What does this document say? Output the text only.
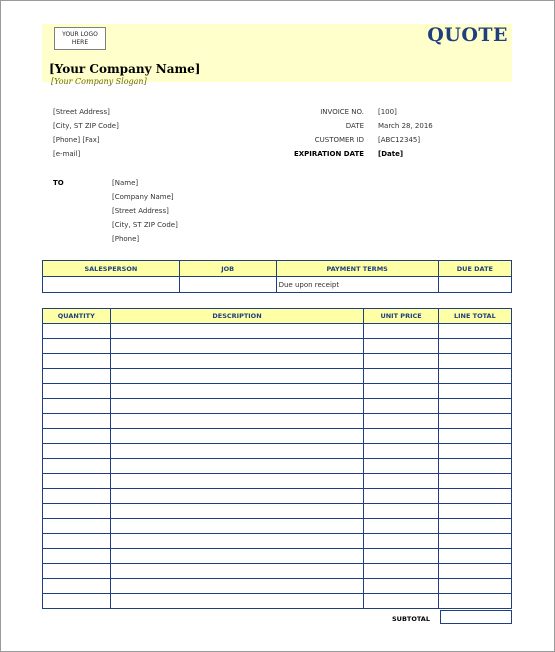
YOUR LOGO HERE	QUOTE
[Your Company Name]
[Your Company Slogan]
[Street Address]
[City, ST ZIP Code]
[Phone] [Fax]
[e-mail]
INVOICE NO. [100]
DATE March 28, 2016
CUSTOMER ID [ABC12345]
EXPIRATION DATE [Date]
TO	[Name]
[Company Name]
[Street Address]
[City, ST ZIP Code]
[Phone]
SALESPERSON	JOB	PAYMENT TERMS	DUE DATE
		Due upon receipt	
QUANTITY	DESCRIPTION	UNIT PRICE	LINE TOTAL

SUBTOTAL
